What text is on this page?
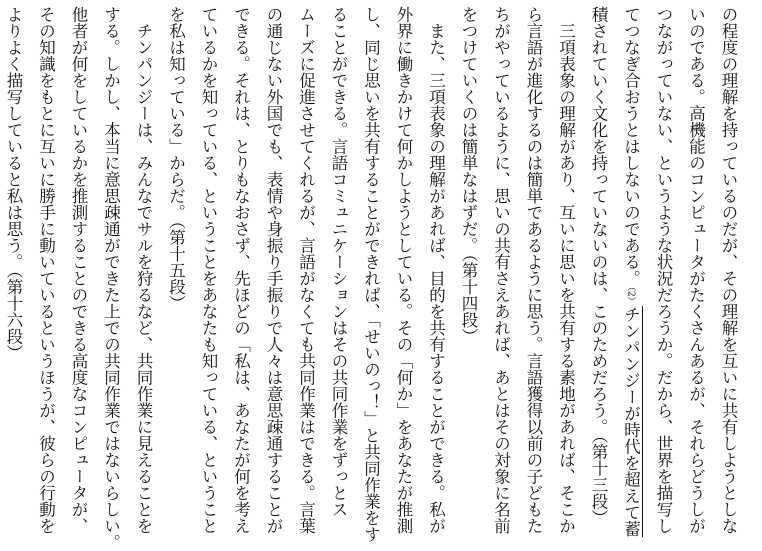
の程度の理解を持っているのだが、その理解を互いに共有しようとしな
いのである。高機能のコンピュータがたくさんあるが、それらどうしが
つながっていない、というような状況だろうか。だから、世界を描写し
てつなぎ合おうとはしないのである。（2）チンパンジーが時代を超えて蓄
積されていく文化を持っていないのは、このためだろう。（第十三段）
　三項表象の理解があり、互いに思いを共有する素地があれば、そこか
ら言語が進化するのは簡単であるように思う。言語獲得以前の子どもた
ちがやっているように、思いの共有さえあれば、あとはその対象に名前
をつけていくのは簡単なはずだ。（第十四段）
　また、三項表象の理解があれば、目的を共有することができる。私が
外界に働きかけて何かしようとしている。その「何か」をあなたが推測
し、同じ思いを共有することができれば、「せいのっ！」と共同作業をす
ることができる。言語コミュニケーションはその共同作業をずっとス
ムーズに促進させてくれるが、言語がなくても共同作業はできる。言葉
の通じない外国でも、表情や身振り手振りで人々は意思疎通することが
できる。それは、とりもなおさず、先ほどの「私は、あなたが何を考え
ているかを知っている、ということをあなたも知っている、ということ
を私は知っている」からだ。（第十五段）
　チンパンジーは、みんなでサルを狩るなど、共同作業に見えることを
する。しかし、本当に意思疎通ができた上での共同作業ではないらしい。
他者が何をしているかを推測することのできる高度なコンピュータが、
その知識をもとに互いに勝手に動いているというほうが、彼らの行動を
よりよく描写していると私は思う。（第十六段）
